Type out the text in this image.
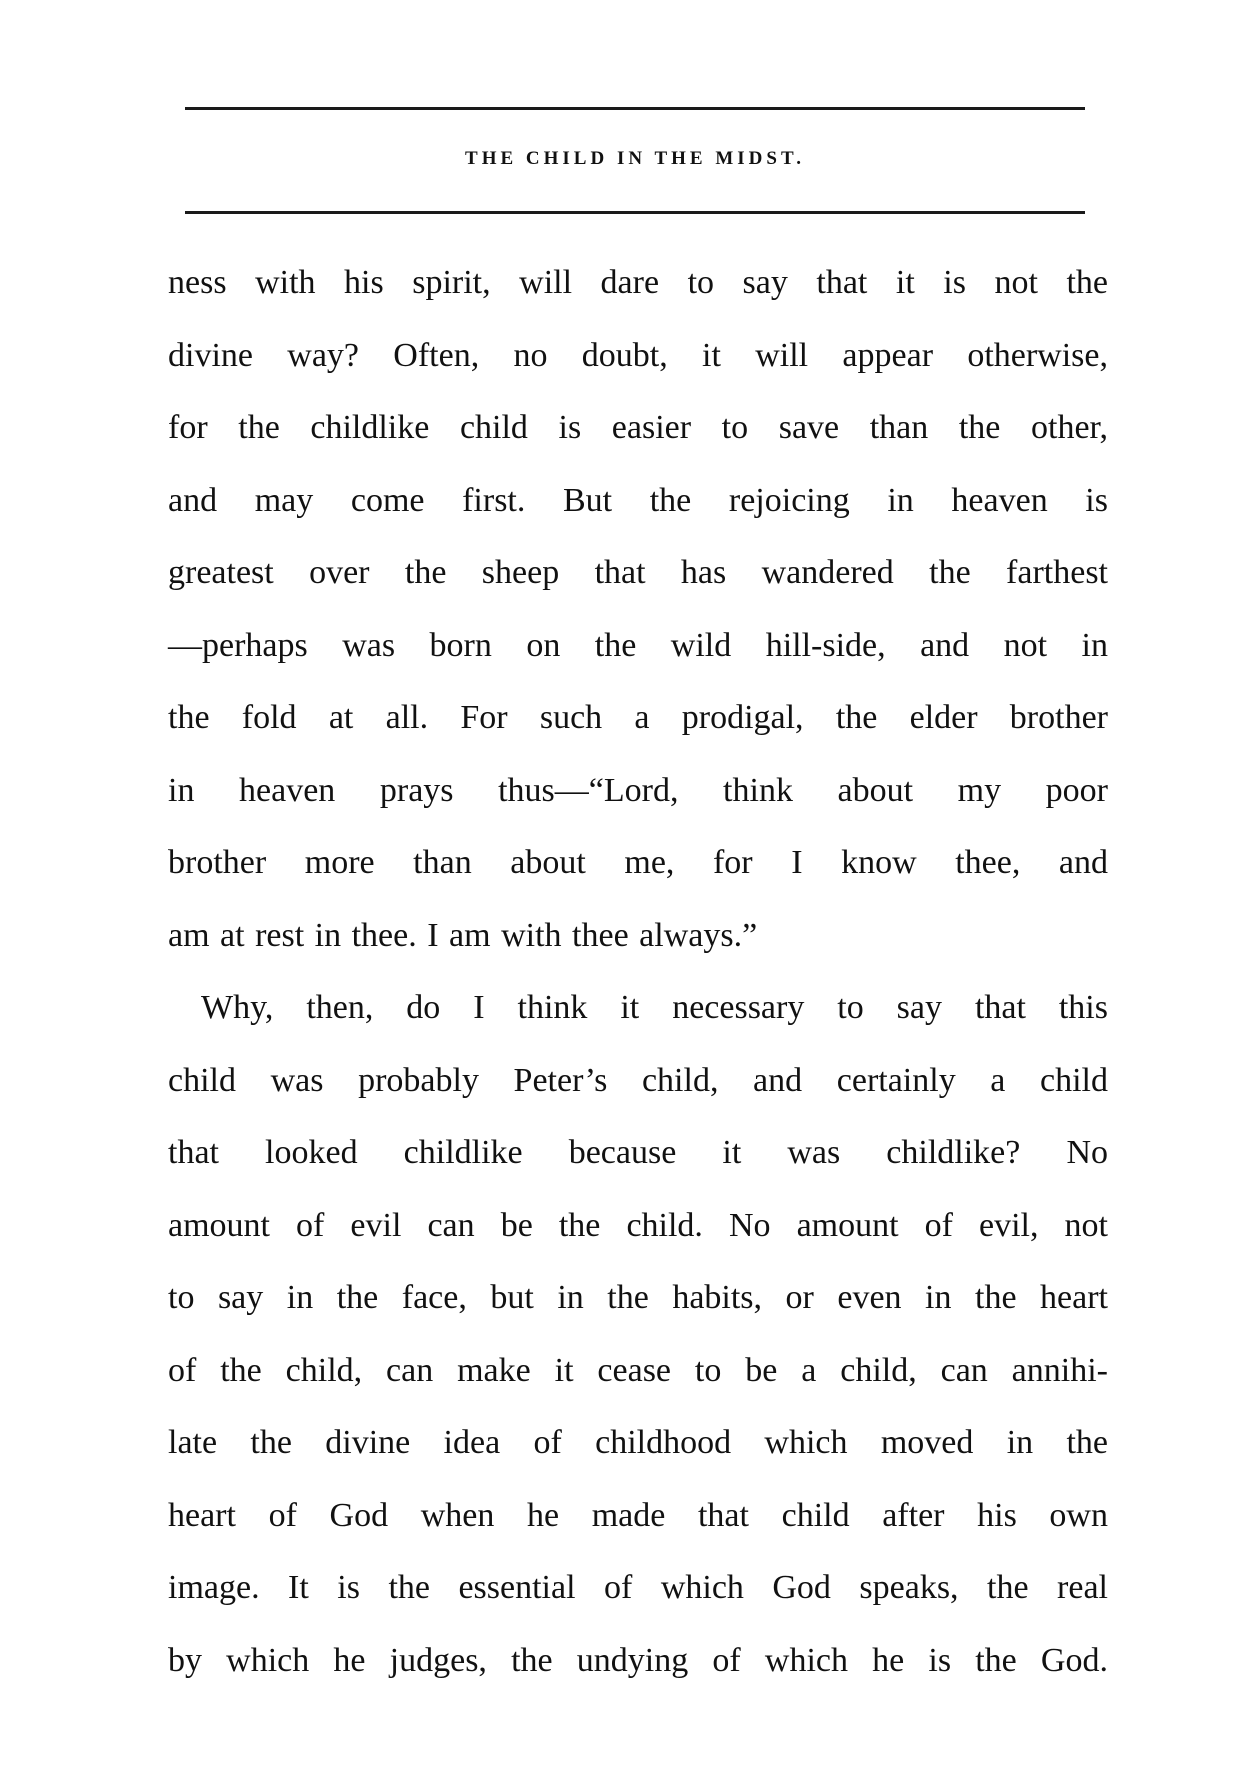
THE CHILD IN THE MIDST.
ness with his spirit, will dare to say that it is not the
divine way? Often, no doubt, it will appear otherwise,
for the childlike child is easier to save than the other,
and may come first. But the rejoicing in heaven is
greatest over the sheep that has wandered the farthest
—perhaps was born on the wild hill-side, and not in
the fold at all. For such a prodigal, the elder brother
in heaven prays thus—“Lord, think about my poor
brother more than about me, for I know thee, and
am at rest in thee. I am with thee always.”
Why, then, do I think it necessary to say that this
child was probably Peter’s child, and certainly a child
that looked childlike because it was childlike? No
amount of evil can be the child. No amount of evil, not
to say in the face, but in the habits, or even in the heart
of the child, can make it cease to be a child, can annihi-
late the divine idea of childhood which moved in the
heart of God when he made that child after his own
image. It is the essential of which God speaks, the real
by which he judges, the undying of which he is the God.
